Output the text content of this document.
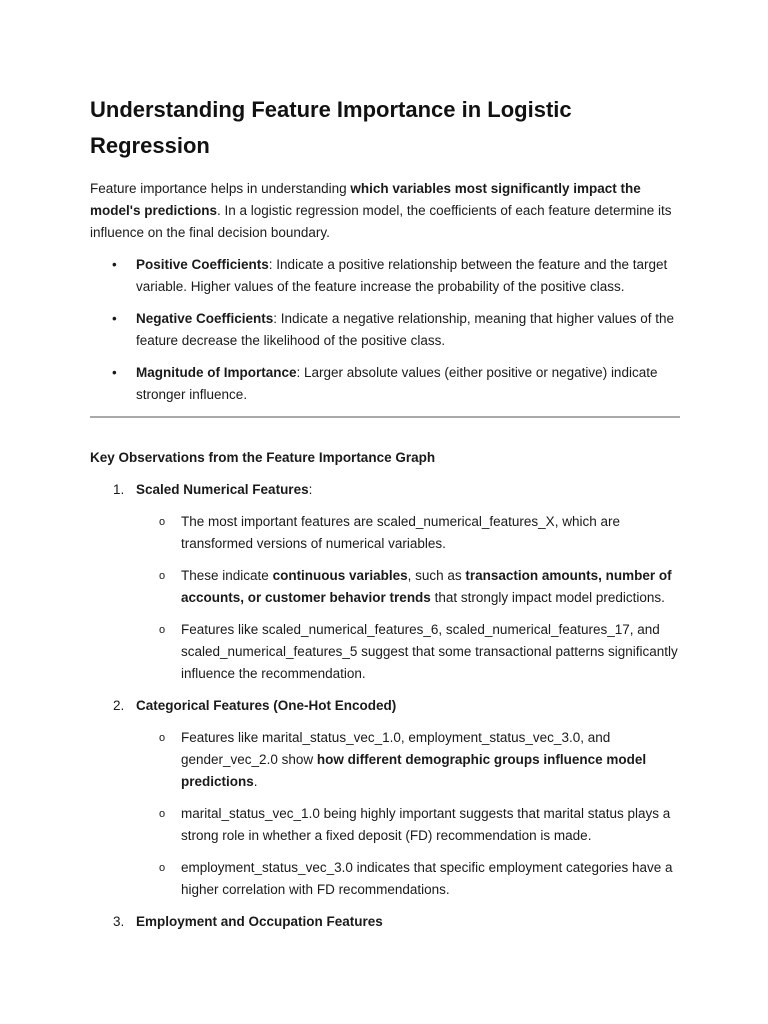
Understanding Feature Importance in Logistic Regression

Feature importance helps in understanding which variables most significantly impact the model's predictions. In a logistic regression model, the coefficients of each feature determine its influence on the final decision boundary.

• Positive Coefficients: Indicate a positive relationship between the feature and the target variable. Higher values of the feature increase the probability of the positive class.
• Negative Coefficients: Indicate a negative relationship, meaning that higher values of the feature decrease the likelihood of the positive class.
• Magnitude of Importance: Larger absolute values (either positive or negative) indicate stronger influence.
Key Observations from the Feature Importance Graph
1. Scaled Numerical Features:
o The most important features are scaled_numerical_features_X, which are transformed versions of numerical variables.
o These indicate continuous variables, such as transaction amounts, number of accounts, or customer behavior trends that strongly impact model predictions.
o Features like scaled_numerical_features_6, scaled_numerical_features_17, and scaled_numerical_features_5 suggest that some transactional patterns significantly influence the recommendation.
2. Categorical Features (One-Hot Encoded)
o Features like marital_status_vec_1.0, employment_status_vec_3.0, and gender_vec_2.0 show how different demographic groups influence model predictions.
o marital_status_vec_1.0 being highly important suggests that marital status plays a strong role in whether a fixed deposit (FD) recommendation is made.
o employment_status_vec_3.0 indicates that specific employment categories have a higher correlation with FD recommendations.
3. Employment and Occupation Features
